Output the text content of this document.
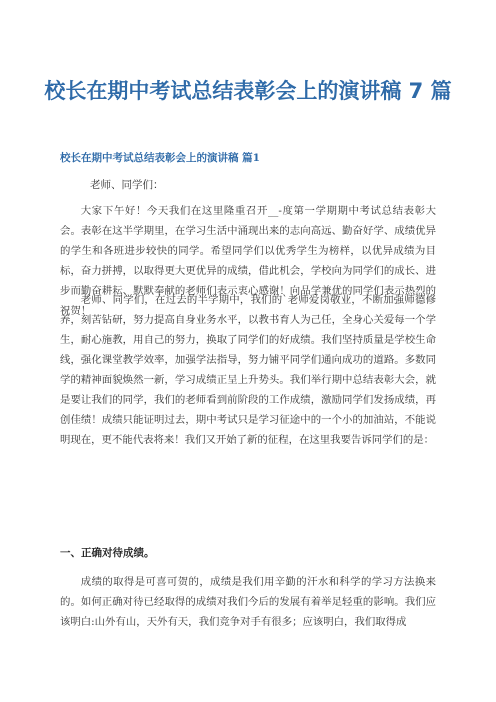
校长在期中考试总结表彰会上的演讲稿 7 篇

校长在期中考试总结表彰会上的演讲稿 篇1

老师、同学们：

大家下午好！今天我们在这里隆重召开__-度第一学期期中考试总结表彰大会。表彰在这半学期里，在学习生活中涌现出来的志向高远、勤奋好学、成绩优异的学生和各班进步较快的同学。希望同学们以优秀学生为榜样，以优异成绩为目标，奋力拼搏，以取得更大更优异的成绩，借此机会，学校向为同学们的成长、进步而勤奋耕耘、默默奉献的老师们表示衷心感谢！向品学兼优的同学们表示热烈的祝贺！

老师、同学们，在过去的半学期中，我们的`老师爱岗敬业，不断加强师德修养，刻苦钻研，努力提高自身业务水平，以教书育人为己任，全身心关爱每一个学生，耐心施教，用自己的努力，换取了同学们的好成绩。我们坚持质量是学校生命线，强化课堂教学效率，加强学法指导，努力铺平同学们通向成功的道路。多数同学的精神面貌焕然一新，学习成绩正呈上升势头。我们举行期中总结表彰大会，就是要让我们的同学，我们的老师看到前阶段的工作成绩，激励同学们发扬成绩，再创佳绩！成绩只能证明过去，期中考试只是学习征途中的一个小的加油站，不能说明现在，更不能代表将来！我们又开始了新的征程，在这里我要告诉同学们的是：

一、正确对待成绩。

成绩的取得是可喜可贺的，成绩是我们用辛勤的汗水和科学的学习方法换来的。如何正确对待已经取得的成绩对我们今后的发展有着举足轻重的影响。我们应该明白:山外有山，天外有天，我们竞争对手有很多；应该明白，我们取得成
